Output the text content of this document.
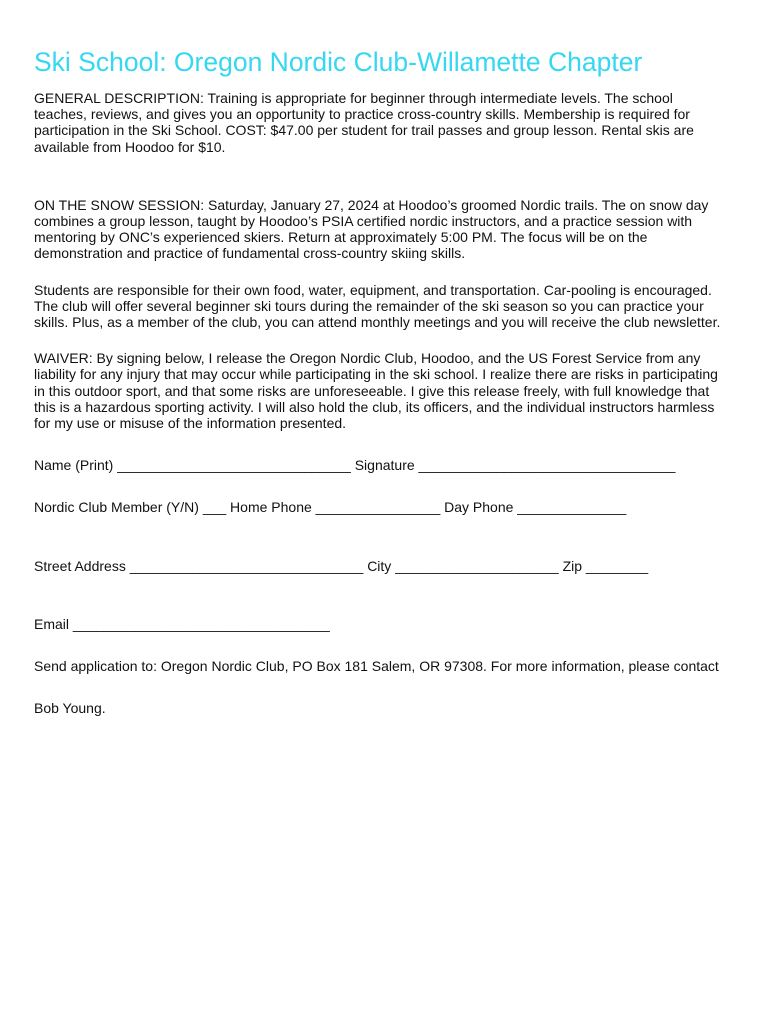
Ski School: Oregon Nordic Club-Willamette Chapter

GENERAL DESCRIPTION: Training is appropriate for beginner through intermediate levels. The school teaches, reviews, and gives you an opportunity to practice cross-country skills. Membership is required for participation in the Ski School. COST: $47.00 per student for trail passes and group lesson. Rental skis are available from Hoodoo for $10.

ON THE SNOW SESSION: Saturday, January 27, 2024 at Hoodoo’s groomed Nordic trails. The on snow day combines a group lesson, taught by Hoodoo’s PSIA certified nordic instructors, and a practice session with mentoring by ONC’s experienced skiers. Return at approximately 5:00 PM. The focus will be on the demonstration and practice of fundamental cross-country skiing skills.

Students are responsible for their own food, water, equipment, and transportation. Car-pooling is encouraged. The club will offer several beginner ski tours during the remainder of the ski season so you can practice your skills. Plus, as a member of the club, you can attend monthly meetings and you will receive the club newsletter.

WAIVER: By signing below, I release the Oregon Nordic Club, Hoodoo, and the US Forest Service from any liability for any injury that may occur while participating in the ski school. I realize there are risks in participating in this outdoor sport, and that some risks are unforeseeable. I give this release freely, with full knowledge that this is a hazardous sporting activity. I will also hold the club, its officers, and the individual instructors harmless for my use or misuse of the information presented.

Name (Print) ______________________________ Signature _________________________________

Nordic Club Member (Y/N) ___ Home Phone ________________ Day Phone ______________

Street Address ______________________________ City _____________________ Zip ________

Email _________________________________

Send application to: Oregon Nordic Club, PO Box 181 Salem, OR 97308. For more information, please contact

Bob Young.
